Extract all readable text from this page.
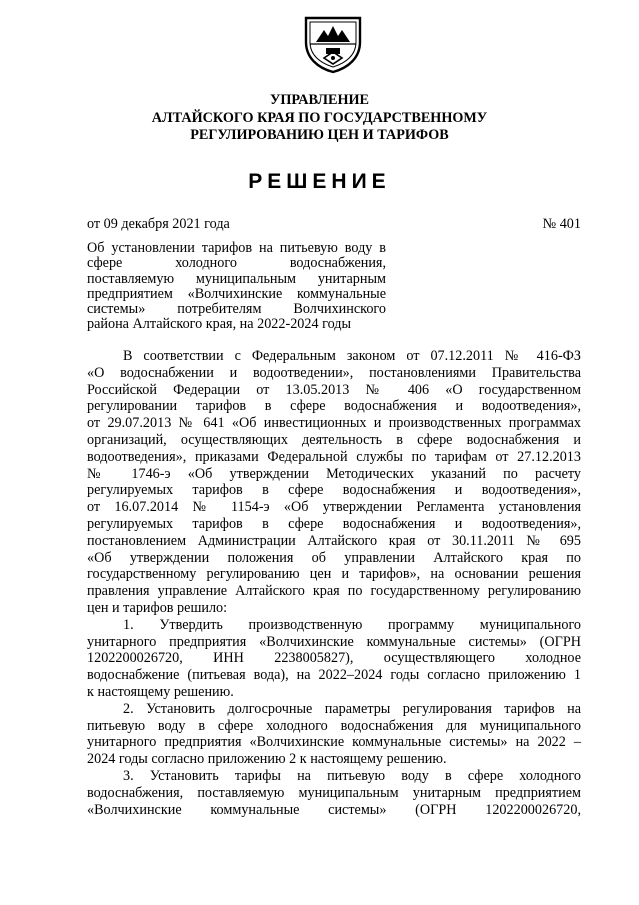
УПРАВЛЕНИЕ
АЛТАЙСКОГО КРАЯ ПО ГОСУДАРСТВЕННОМУ
РЕГУЛИРОВАНИЮ ЦЕН И ТАРИФОВ
РЕШЕНИЕ
от 09 декабря 2021 года	№ 401
Об установлении тарифов на питьевую воду в
сфере холодного водоснабжения,
поставляемую муниципальным унитарным
предприятием «Волчихинские коммунальные
системы» потребителям Волчихинского
района Алтайского края, на 2022-2024 годы
В соответствии с Федеральным законом от 07.12.2011 № 416-ФЗ
«О водоснабжении и водоотведении», постановлениями Правительства
Российской Федерации от 13.05.2013 № 406 «О государственном
регулировании тарифов в сфере водоснабжения и водоотведения»,
от 29.07.2013 № 641 «Об инвестиционных и производственных программах
организаций, осуществляющих деятельность в сфере водоснабжения и
водоотведения», приказами Федеральной службы по тарифам от 27.12.2013
№ 1746-э «Об утверждении Методических указаний по расчету
регулируемых тарифов в сфере водоснабжения и водоотведения»,
от 16.07.2014 № 1154-э «Об утверждении Регламента установления
регулируемых тарифов в сфере водоснабжения и водоотведения»,
постановлением Администрации Алтайского края от 30.11.2011 № 695
«Об утверждении положения об управлении Алтайского края по
государственному регулированию цен и тарифов», на основании решения
правления управление Алтайского края по государственному регулированию
цен и тарифов решило:
1. Утвердить производственную программу муниципального
унитарного предприятия «Волчихинские коммунальные системы» (ОГРН
1202200026720, ИНН 2238005827), осуществляющего холодное
водоснабжение (питьевая вода), на 2022–2024 годы согласно приложению 1
к настоящему решению.
2. Установить долгосрочные параметры регулирования тарифов на
питьевую воду в сфере холодного водоснабжения для муниципального
унитарного предприятия «Волчихинские коммунальные системы» на 2022 –
2024 годы согласно приложению 2 к настоящему решению.
3. Установить тарифы на питьевую воду в сфере холодного
водоснабжения, поставляемую муниципальным унитарным предприятием
«Волчихинские коммунальные системы» (ОГРН 1202200026720,
